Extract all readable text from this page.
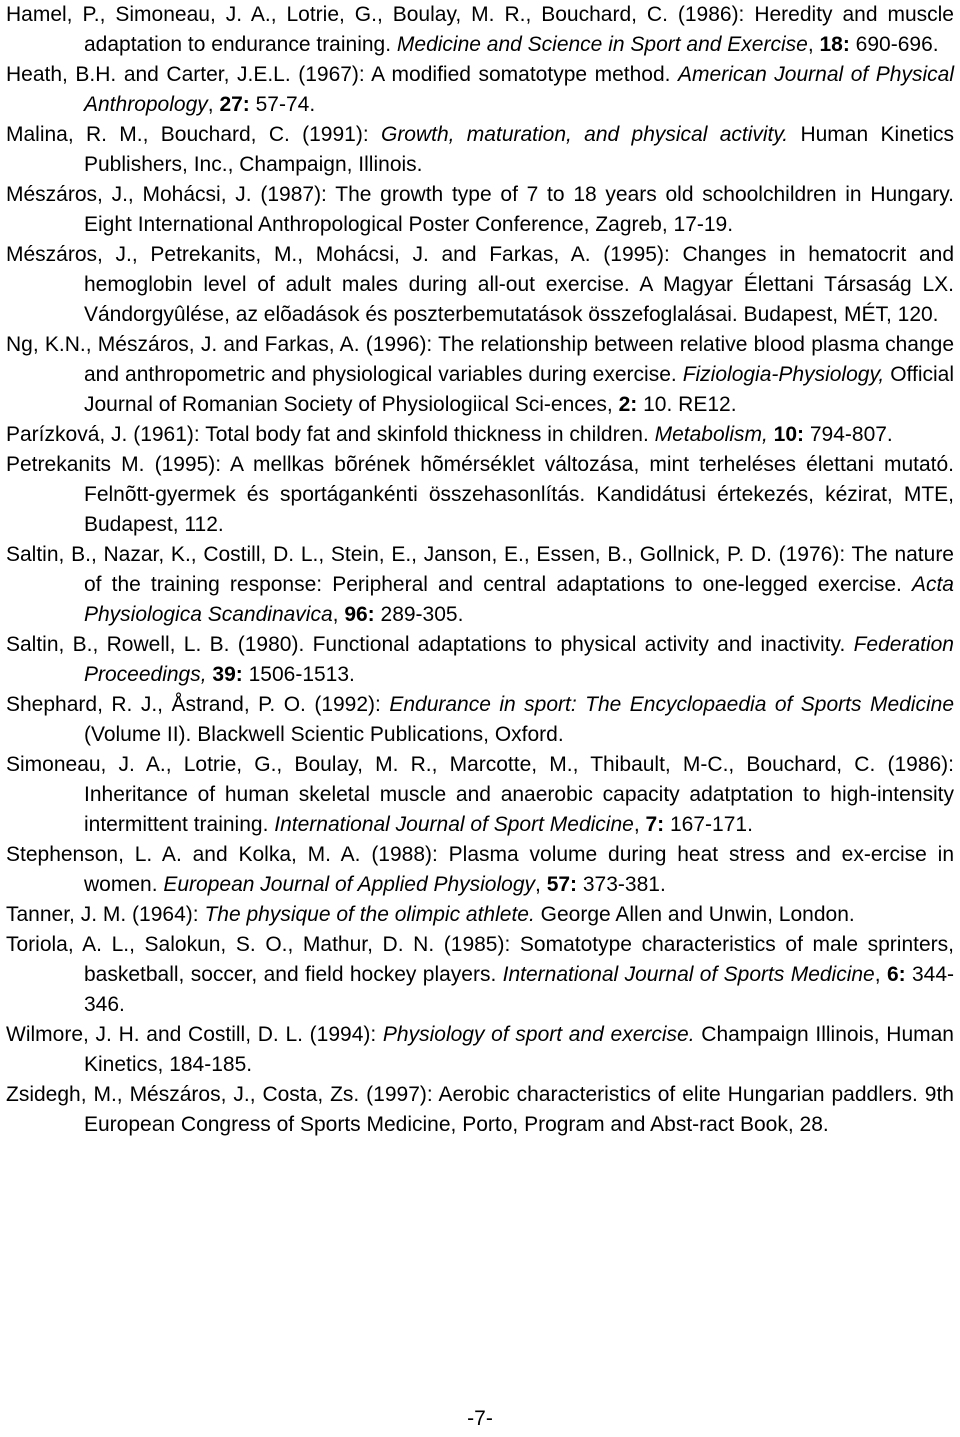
Hamel, P., Simoneau, J. A., Lotrie, G., Boulay, M. R., Bouchard, C. (1986): Heredity and muscle adaptation to endurance training. Medicine and Science in Sport and Exercise, 18: 690-696.

Heath, B.H. and Carter, J.E.L. (1967): A modified somatotype method. American Journal of Physical Anthropology, 27: 57-74.

Malina, R. M., Bouchard, C. (1991): Growth, maturation, and physical activity. Human Kinetics Publishers, Inc., Champaign, Illinois.

Mészáros, J., Mohácsi, J. (1987): The growth type of 7 to 18 years old schoolchildren in Hungary. Eight International Anthropological Poster Conference, Zagreb, 17-19.

Mészáros, J., Petrekanits, M., Mohácsi, J. and Farkas, A. (1995): Changes in hematocrit and hemoglobin level of adult males during all-out exercise. A Magyar Élettani Társaság LX. Vándorgyûlése, az elõadások és poszterbemutatások összefoglalásai. Budapest, MÉT, 120.

Ng, K.N., Mészáros, J. and Farkas, A. (1996): The relationship between relative blood plasma change and anthropometric and physiological variables during exercise. Fiziologia-Physiology, Official Journal of Romanian Society of Physiologiical Sci-ences, 2: 10. RE12.

Parízková, J. (1961): Total body fat and skinfold thickness in children. Metabolism, 10: 794-807.

Petrekanits M. (1995): A mellkas bõrének hõmérséklet változása, mint terheléses élettani mutató. Felnõtt-gyermek és sportágankénti összehasonlítás. Kandidátusi értekezés, kézirat, MTE, Budapest, 112.

Saltin, B., Nazar, K., Costill, D. L., Stein, E., Janson, E., Essen, B., Gollnick, P. D. (1976): The nature of the training response: Peripheral and central adaptations to one-legged exercise. Acta Physiologica Scandinavica, 96: 289-305.

Saltin, B., Rowell, L. B. (1980). Functional adaptations to physical activity and inactivity. Federation Proceedings, 39: 1506-1513.

Shephard, R. J., Åstrand, P. O. (1992): Endurance in sport: The Encyclopaedia of Sports Medicine (Volume II). Blackwell Scientic Publications, Oxford.

Simoneau, J. A., Lotrie, G., Boulay, M. R., Marcotte, M., Thibault, M-C., Bouchard, C. (1986): Inheritance of human skeletal muscle and anaerobic capacity adatptation to high-intensity intermittent training. International Journal of Sport Medicine, 7: 167-171.

Stephenson, L. A. and Kolka, M. A. (1988): Plasma volume during heat stress and ex-ercise in women. European Journal of Applied Physiology, 57: 373-381.

Tanner, J. M. (1964): The physique of the olimpic athlete. George Allen and Unwin, London.

Toriola, A. L., Salokun, S. O., Mathur, D. N. (1985): Somatotype characteristics of male sprinters, basketball, soccer, and field hockey players. International Journal of Sports Medicine, 6: 344-346.

Wilmore, J. H. and Costill, D. L. (1994): Physiology of sport and exercise. Champaign Illinois, Human Kinetics, 184-185.

Zsidegh, M., Mészáros, J., Costa, Zs. (1997): Aerobic characteristics of elite Hungarian paddlers. 9th European Congress of Sports Medicine, Porto, Program and Abst-ract Book, 28.

-7-
